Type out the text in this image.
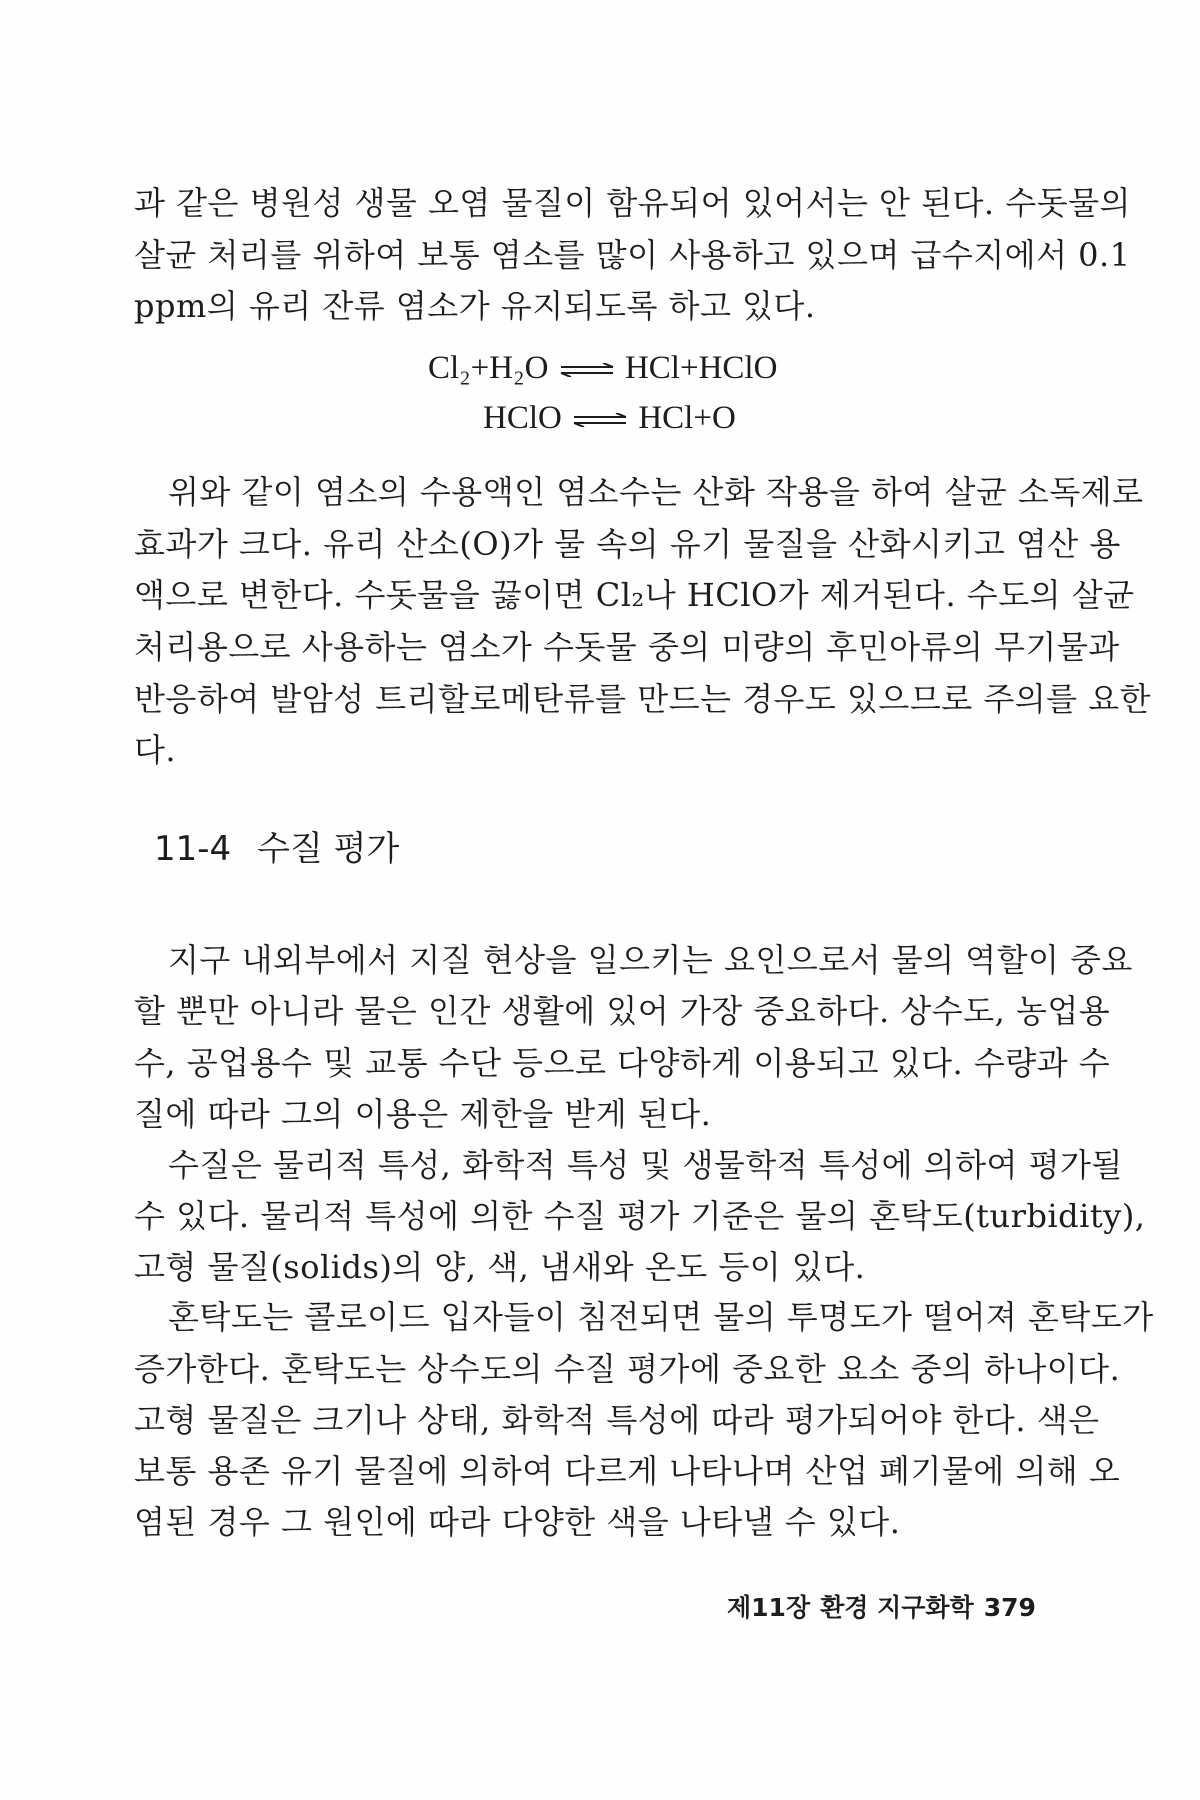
과 같은 병원성 생물 오염 물질이 함유되어 있어서는 안 된다. 수돗물의
살균 처리를 위하여 보통 염소를 많이 사용하고 있으며 급수지에서 0.1
ppm의 유리 잔류 염소가 유지되도록 하고 있다.
Cl₂+H₂O ⇌ HCl+HClO
HClO ⇌ HCl+O
위와 같이 염소의 수용액인 염소수는 산화 작용을 하여 살균 소독제로
효과가 크다. 유리 산소(O)가 물 속의 유기 물질을 산화시키고 염산 용
액으로 변한다. 수돗물을 끓이면 Cl₂나 HClO가 제거된다. 수도의 살균
처리용으로 사용하는 염소가 수돗물 중의 미량의 후민아류의 무기물과
반응하여 발암성 트리할로메탄류를 만드는 경우도 있으므로 주의를 요한
다.
11-4 수질 평가
지구 내외부에서 지질 현상을 일으키는 요인으로서 물의 역할이 중요
할 뿐만 아니라 물은 인간 생활에 있어 가장 중요하다. 상수도, 농업용
수, 공업용수 및 교통 수단 등으로 다양하게 이용되고 있다. 수량과 수
질에 따라 그의 이용은 제한을 받게 된다.
수질은 물리적 특성, 화학적 특성 및 생물학적 특성에 의하여 평가될
수 있다. 물리적 특성에 의한 수질 평가 기준은 물의 혼탁도(turbidity),
고형 물질(solids)의 양, 색, 냄새와 온도 등이 있다.
혼탁도는 콜로이드 입자들이 침전되면 물의 투명도가 떨어져 혼탁도가
증가한다. 혼탁도는 상수도의 수질 평가에 중요한 요소 중의 하나이다.
고형 물질은 크기나 상태, 화학적 특성에 따라 평가되어야 한다. 색은
보통 용존 유기 물질에 의하여 다르게 나타나며 산업 폐기물에 의해 오
염된 경우 그 원인에 따라 다양한 색을 나타낼 수 있다.
제11장 환경 지구화학 379
